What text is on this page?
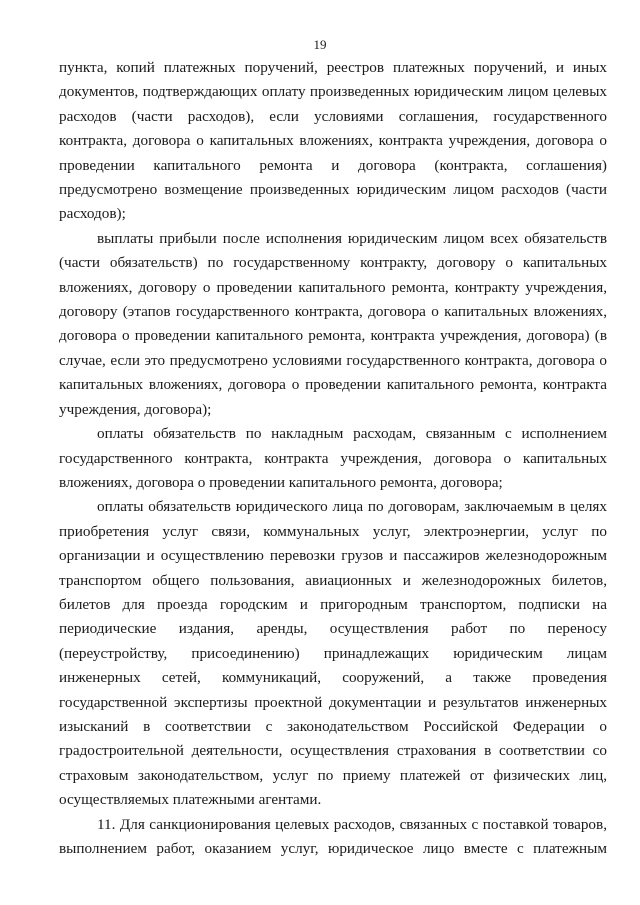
19

пункта, копий платежных поручений, реестров платежных поручений, и иных документов, подтверждающих оплату произведенных юридическим лицом целевых расходов (части расходов), если условиями соглашения, государственного контракта, договора о капитальных вложениях, контракта учреждения, договора о проведении капитального ремонта и договора (контракта, соглашения) предусмотрено возмещение произведенных юридическим лицом расходов (части расходов);

выплаты прибыли после исполнения юридическим лицом всех обязательств (части обязательств) по государственному контракту, договору о капитальных вложениях, договору о проведении капитального ремонта, контракту учреждения, договору (этапов государственного контракта, договора о капитальных вложениях, договора о проведении капитального ремонта, контракта учреждения, договора) (в случае, если это предусмотрено условиями государственного контракта, договора о капитальных вложениях, договора о проведении капитального ремонта, контракта учреждения, договора);

оплаты обязательств по накладным расходам, связанным с исполнением государственного контракта, контракта учреждения, договора о капитальных вложениях, договора о проведении капитального ремонта, договора;

оплаты обязательств юридического лица по договорам, заключаемым в целях приобретения услуг связи, коммунальных услуг, электроэнергии, услуг по организации и осуществлению перевозки грузов и пассажиров железнодорожным транспортом общего пользования, авиационных и железнодорожных билетов, билетов для проезда городским и пригородным транспортом, подписки на периодические издания, аренды, осуществления работ по переносу (переустройству, присоединению) принадлежащих юридическим лицам инженерных сетей, коммуникаций, сооружений, а также проведения государственной экспертизы проектной документации и результатов инженерных изысканий в соответствии с законодательством Российской Федерации о градостроительной деятельности, осуществления страхования в соответствии со страховым законодательством, услуг по приему платежей от физических лиц, осуществляемых платежными агентами.

11. Для санкционирования целевых расходов, связанных с поставкой товаров, выполнением работ, оказанием услуг, юридическое лицо вместе с платежным
